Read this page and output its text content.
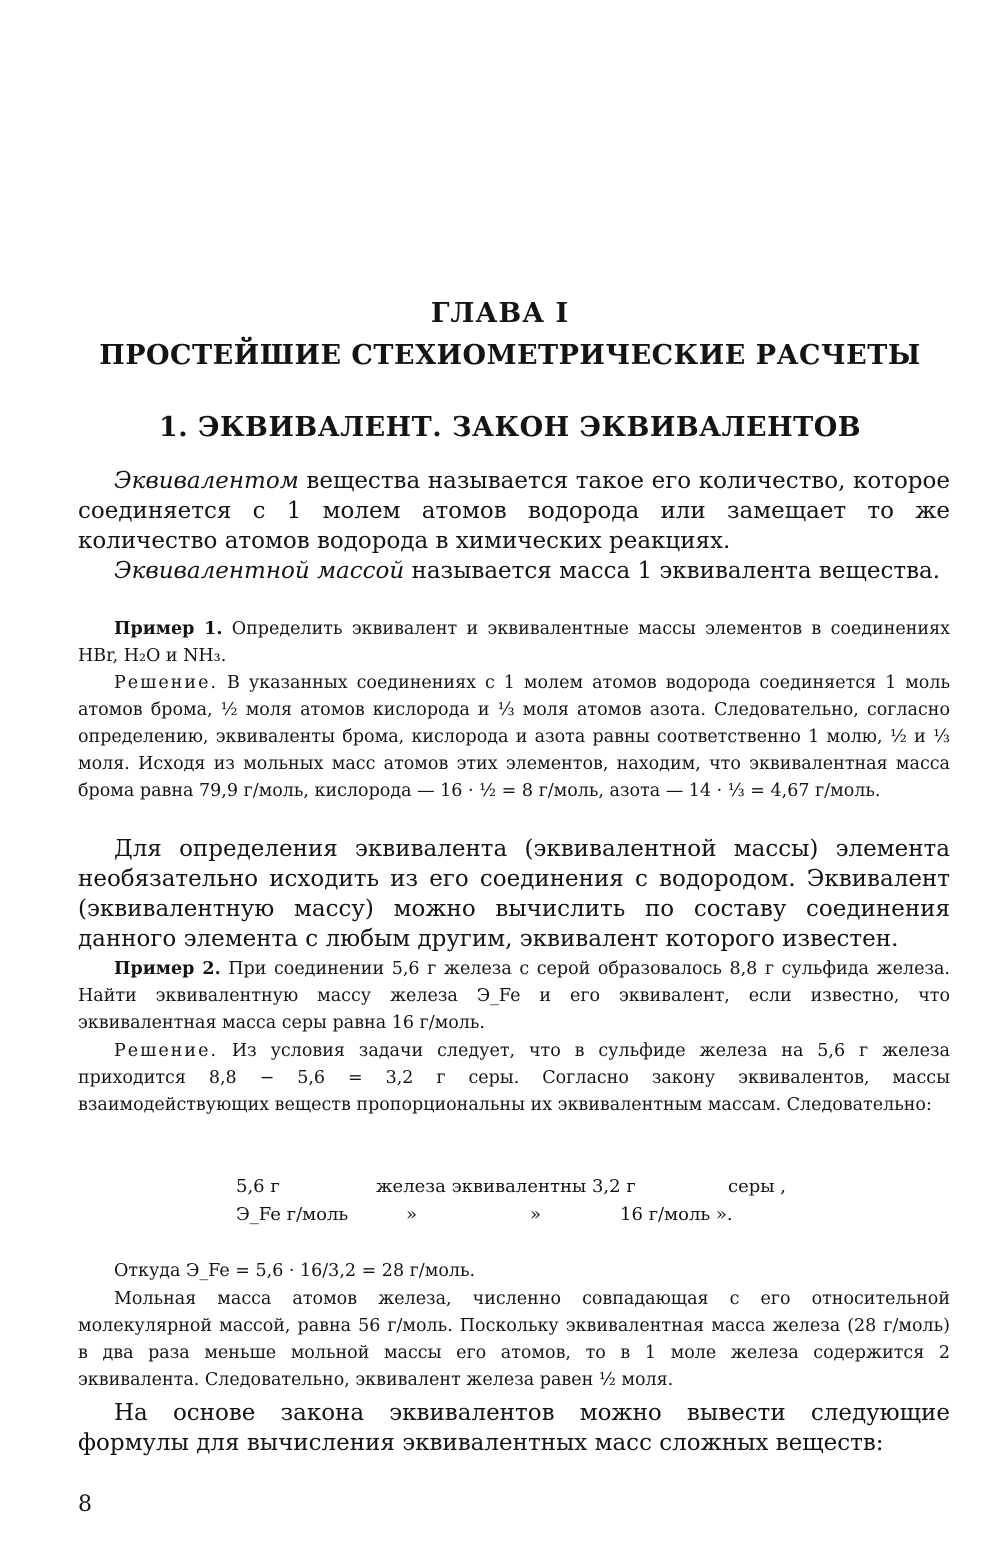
ГЛАВА I
ПРОСТЕЙШИЕ СТЕХИОМЕТРИЧЕСКИЕ РАСЧЕТЫ
1. ЭКВИВАЛЕНТ. ЗАКОН ЭКВИВАЛЕНТОВ
Эквивалентом вещества называется такое его количество, которое соединяется с 1 молем атомов водорода или замещает то же количество атомов водорода в химических реакциях.
Эквивалентной массой называется масса 1 эквивалента вещества.
Пример 1. Определить эквивалент и эквивалентные массы элементов в соединениях HBr, H₂O и NH₃.
Решение. В указанных соединениях с 1 молем атомов водорода соединяется 1 моль атомов брома, ½ моля атомов кислорода и ⅓ моля атомов азота. Следовательно, согласно определению, эквиваленты брома, кислорода и азота равны соответственно 1 молю, ½ и ⅓ моля. Исходя из мольных масс атомов этих элементов, находим, что эквивалентная масса брома равна 79,9 г/моль, кислорода — 16 · ½ = 8 г/моль, азота — 14 · ⅓ = 4,67 г/моль.
Для определения эквивалента (эквивалентной массы) элемента необязательно исходить из его соединения с водородом. Эквивалент (эквивалентную массу) можно вычислить по составу соединения данного элемента с любым другим, эквивалент которого известен.
Пример 2. При соединении 5,6 г железа с серой образовалось 8,8 г сульфида железа. Найти эквивалентную массу железа Э_Fe и его эквивалент, если известно, что эквивалентная масса серы равна 16 г/моль.
Решение. Из условия задачи следует, что в сульфиде железа на 5,6 г железа приходится 8,8 − 5,6 = 3,2 г серы. Согласно закону эквивалентов, массы взаимодействующих веществ пропорциональны их эквивалентным массам. Следовательно:
5,6 г	железа эквивалентны 3,2 г	серы ,
Э_Fe г/моль	»	»	16 г/моль ».
Откуда Э_Fe = 5,6 · 16/3,2 = 28 г/моль.
Мольная масса атомов железа, численно совпадающая с его относительной молекулярной массой, равна 56 г/моль. Поскольку эквивалентная масса железа (28 г/моль) в два раза меньше мольной массы его атомов, то в 1 моле железа содержится 2 эквивалента. Следовательно, эквивалент железа равен ½ моля.
На основе закона эквивалентов можно вывести следующие формулы для вычисления эквивалентных масс сложных веществ:
8
